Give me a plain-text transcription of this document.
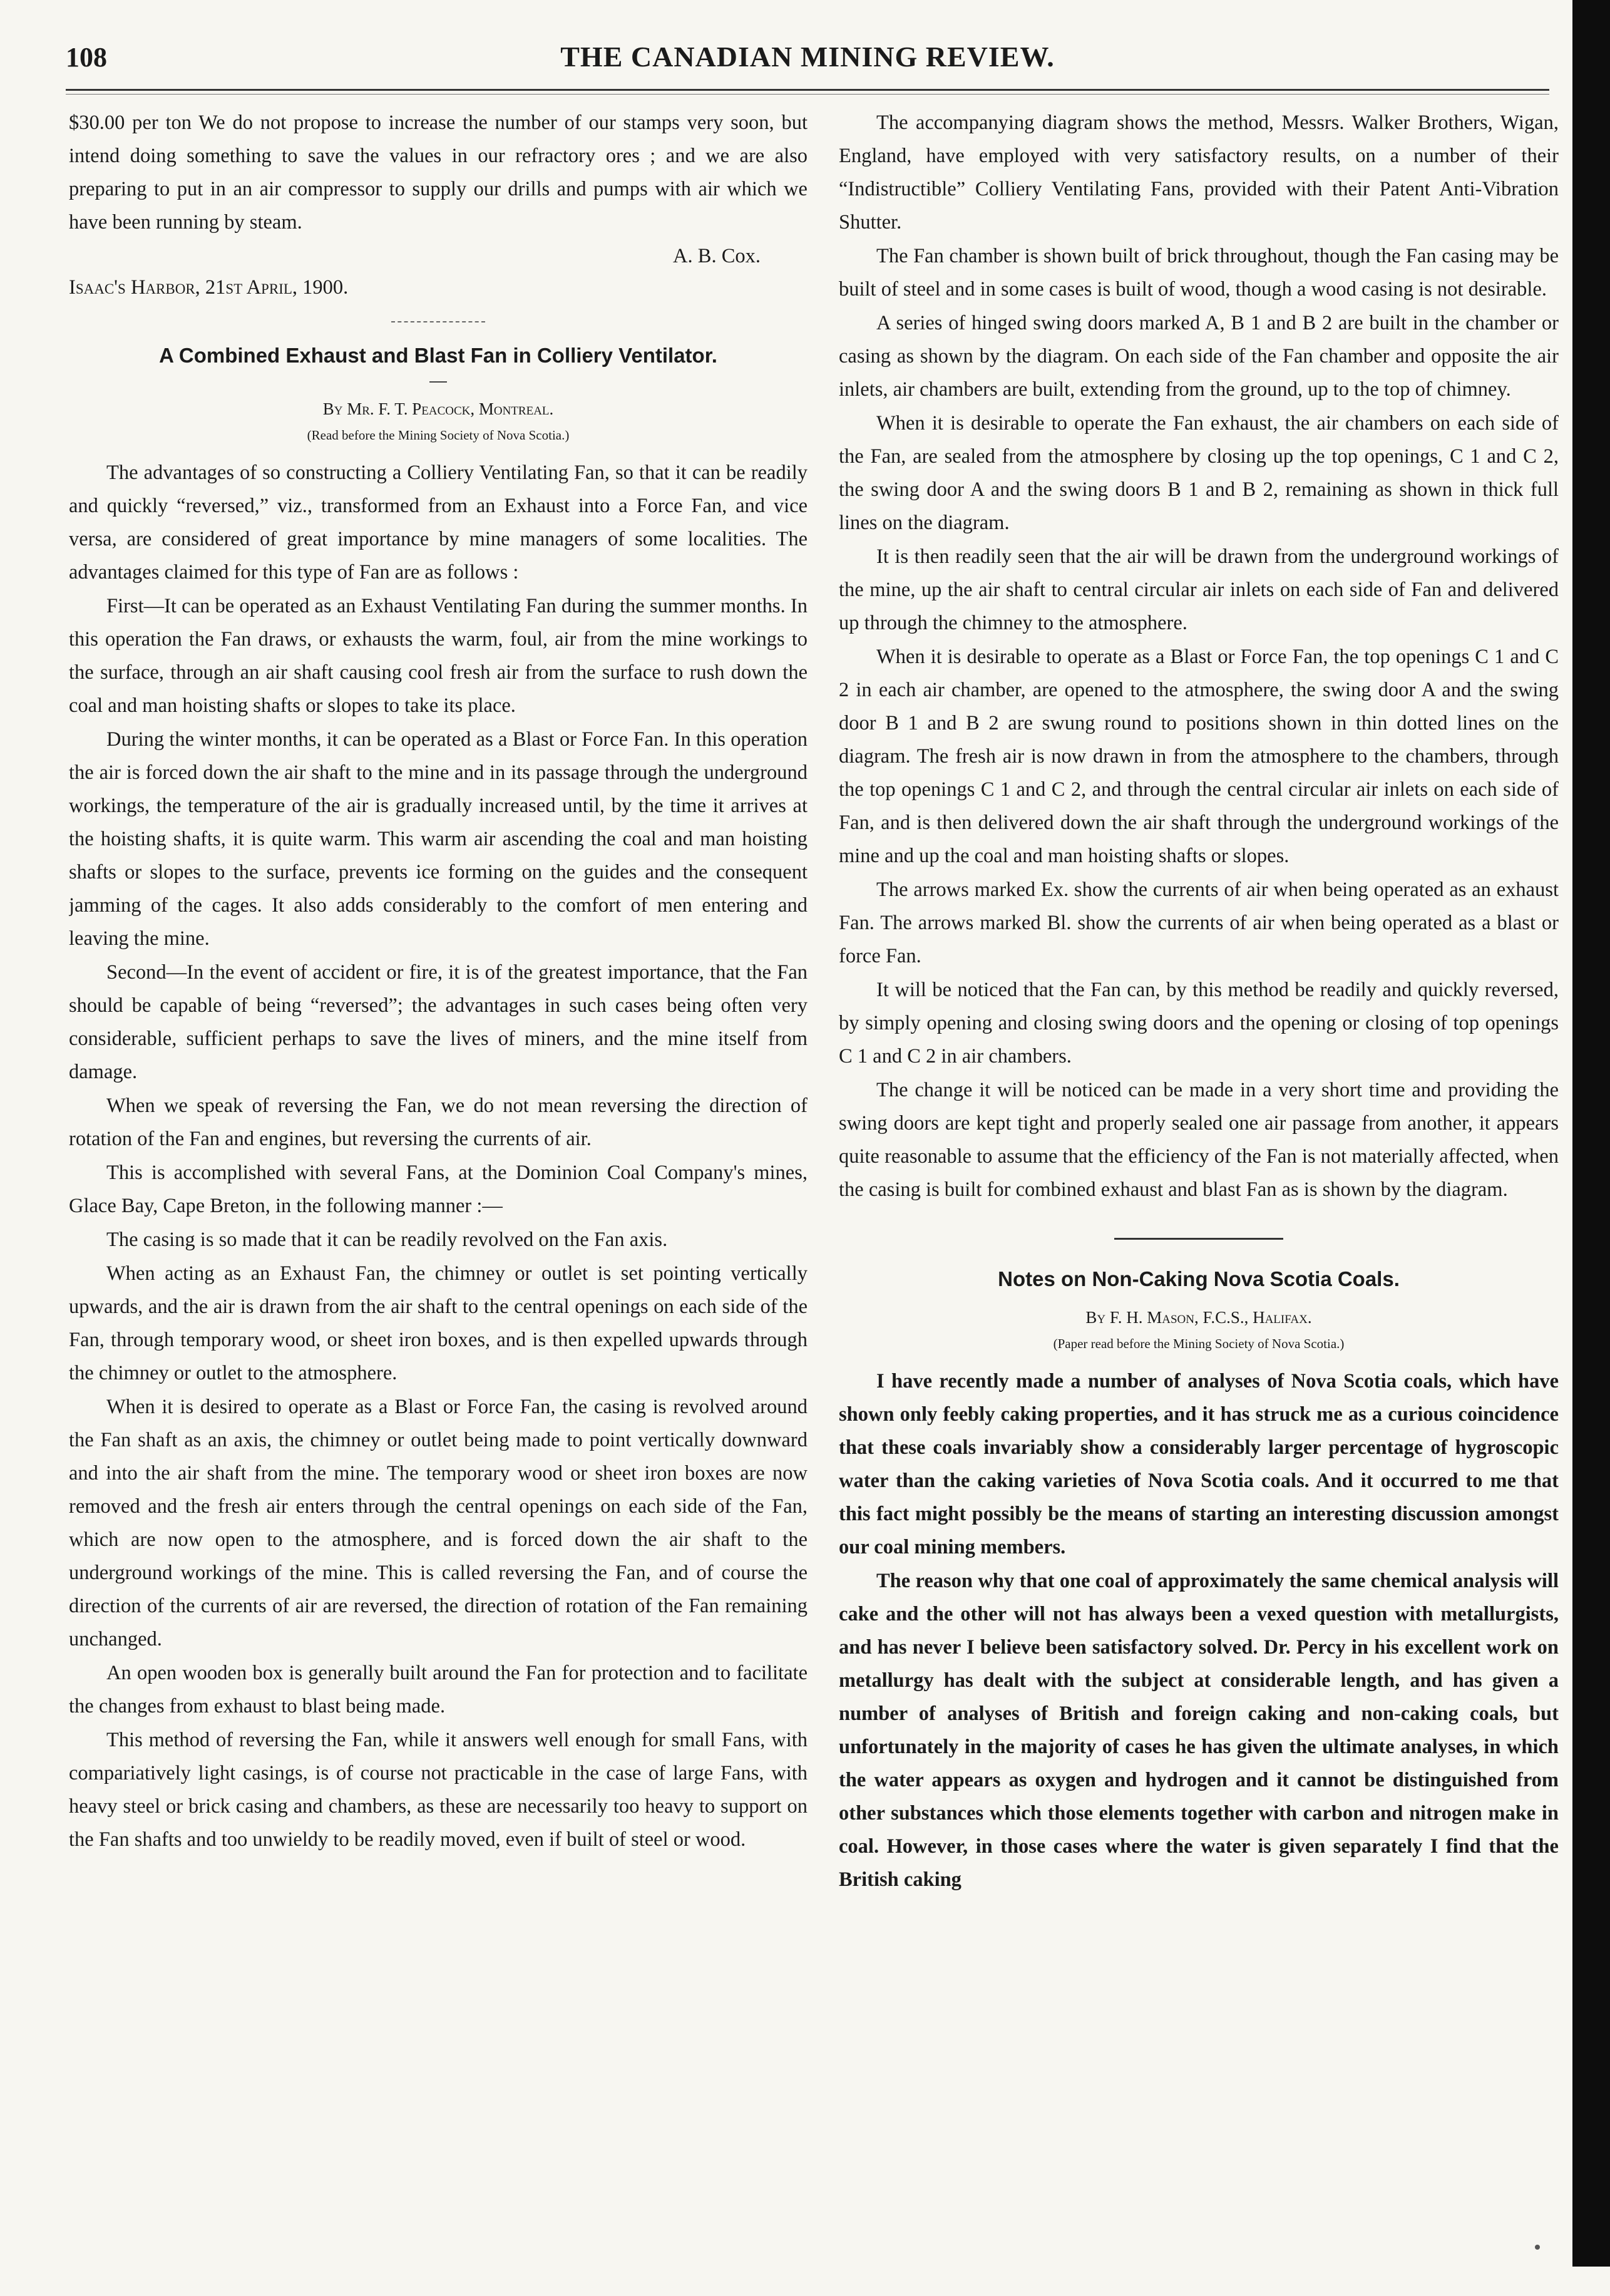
108	THE CANADIAN MINING REVIEW.

$30.00 per ton We do not propose to increase the number of our stamps very soon, but intend doing something to save the values in our refractory ores ; and we are also preparing to put in an air compressor to supply our drills and pumps with air which we have been running by steam.

A. B. Cox.
Isaac's Harbor, 21st April, 1900.
A Combined Exhaust and Blast Fan in Colliery Ventilator.
By Mr. F. T. Peacock, Montreal.
(Read before the Mining Society of Nova Scotia.)

The advantages of so constructing a Colliery Ventilating Fan, so that it can be readily and quickly “reversed,” viz., transformed from an Exhaust into a Force Fan, and vice versa, are considered of great importance by mine managers of some localities. The advantages claimed for this type of Fan are as follows :

First—It can be operated as an Exhaust Ventilating Fan during the summer months. In this operation the Fan draws, or exhausts the warm, foul, air from the mine workings to the surface, through an air shaft causing cool fresh air from the surface to rush down the coal and man hoisting shafts or slopes to take its place.

During the winter months, it can be operated as a Blast or Force Fan. In this operation the air is forced down the air shaft to the mine and in its passage through the underground workings, the temperature of the air is gradually increased until, by the time it arrives at the hoisting shafts, it is quite warm. This warm air ascending the coal and man hoisting shafts or slopes to the surface, prevents ice forming on the guides and the consequent jamming of the cages. It also adds considerably to the comfort of men entering and leaving the mine.

Second—In the event of accident or fire, it is of the greatest importance, that the Fan should be capable of being “reversed”; the advantages in such cases being often very considerable, sufficient perhaps to save the lives of miners, and the mine itself from damage.

When we speak of reversing the Fan, we do not mean reversing the direction of rotation of the Fan and engines, but reversing the currents of air.

This is accomplished with several Fans, at the Dominion Coal Company's mines, Glace Bay, Cape Breton, in the following manner :—

The casing is so made that it can be readily revolved on the Fan axis.

When acting as an Exhaust Fan, the chimney or outlet is set pointing vertically upwards, and the air is drawn from the air shaft to the central openings on each side of the Fan, through temporary wood, or sheet iron boxes, and is then expelled upwards through the chimney or outlet to the atmosphere.

When it is desired to operate as a Blast or Force Fan, the casing is revolved around the Fan shaft as an axis, the chimney or outlet being made to point vertically downward and into the air shaft from the mine. The temporary wood or sheet iron boxes are now removed and the fresh air enters through the central openings on each side of the Fan, which are now open to the atmosphere, and is forced down the air shaft to the underground workings of the mine. This is called reversing the Fan, and of course the direction of the currents of air are reversed, the direction of rotation of the Fan remaining unchanged.

An open wooden box is generally built around the Fan for protection and to facilitate the changes from exhaust to blast being made.

This method of reversing the Fan, while it answers well enough for small Fans, with compariatively light casings, is of course not practicable in the case of large Fans, with heavy steel or brick casing and chambers, as these are necessarily too heavy to support on the Fan shafts and too unwieldy to be readily moved, even if built of steel or wood.

The accompanying diagram shows the method, Messrs. Walker Brothers, Wigan, England, have employed with very satisfactory results, on a number of their “Indistructible” Colliery Ventilating Fans, provided with their Patent Anti-Vibration Shutter.

The Fan chamber is shown built of brick throughout, though the Fan casing may be built of steel and in some cases is built of wood, though a wood casing is not desirable.

A series of hinged swing doors marked A, B 1 and B 2 are built in the chamber or casing as shown by the diagram. On each side of the Fan chamber and opposite the air inlets, air chambers are built, extending from the ground, up to the top of chimney.

When it is desirable to operate the Fan exhaust, the air chambers on each side of the Fan, are sealed from the atmosphere by closing up the top openings, C 1 and C 2, the swing door A and the swing doors B 1 and B 2, remaining as shown in thick full lines on the diagram.

It is then readily seen that the air will be drawn from the underground workings of the mine, up the air shaft to central circular air inlets on each side of Fan and delivered up through the chimney to the atmosphere.

When it is desirable to operate as a Blast or Force Fan, the top openings C 1 and C 2 in each air chamber, are opened to the atmosphere, the swing door A and the swing door B 1 and B 2 are swung round to positions shown in thin dotted lines on the diagram. The fresh air is now drawn in from the atmosphere to the chambers, through the top openings C 1 and C 2, and through the central circular air inlets on each side of Fan, and is then delivered down the air shaft through the underground workings of the mine and up the coal and man hoisting shafts or slopes.

The arrows marked Ex. show the currents of air when being operated as an exhaust Fan. The arrows marked Bl. show the currents of air when being operated as a blast or force Fan.

It will be noticed that the Fan can, by this method be readily and quickly reversed, by simply opening and closing swing doors and the opening or closing of top openings C 1 and C 2 in air chambers.

The change it will be noticed can be made in a very short time and providing the swing doors are kept tight and properly sealed one air passage from another, it appears quite reasonable to assume that the efficiency of the Fan is not materially affected, when the casing is built for combined exhaust and blast Fan as is shown by the diagram.

Notes on Non-Caking Nova Scotia Coals.
By F. H. Mason, F.C.S., Halifax.
(Paper read before the Mining Society of Nova Scotia.)

I have recently made a number of analyses of Nova Scotia coals, which have shown only feebly caking properties, and it has struck me as a curious coincidence that these coals invariably show a considerably larger percentage of hygroscopic water than the caking varieties of Nova Scotia coals. And it occurred to me that this fact might possibly be the means of starting an interesting discussion amongst our coal mining members.

The reason why that one coal of approximately the same chemical analysis will cake and the other will not has always been a vexed question with metallurgists, and has never I believe been satisfactory solved. Dr. Percy in his excellent work on metallurgy has dealt with the subject at considerable length, and has given a number of analyses of British and foreign caking and non-caking coals, but unfortunately in the majority of cases he has given the ultimate analyses, in which the water appears as oxygen and hydrogen and it cannot be distinguished from other substances which those elements together with carbon and nitrogen make in coal. However, in those cases where the water is given separately I find that the British caking
